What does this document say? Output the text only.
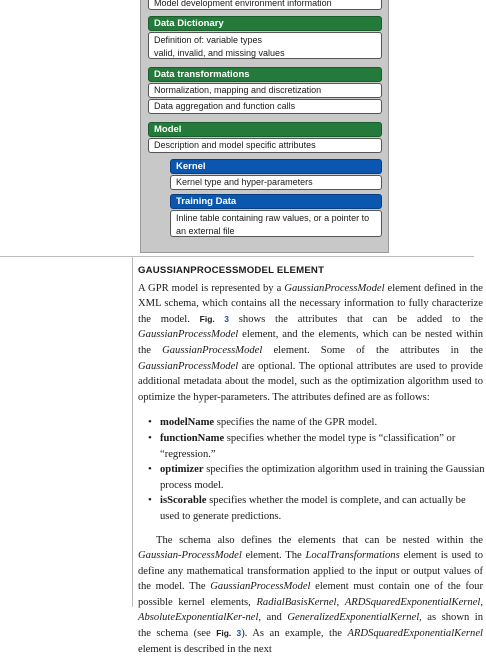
Model development environment information
Data Dictionary
Definition of: variable types
valid, invalid, and missing values
Data transformations
Normalization, mapping and discretization
Data aggregation and function calls
Model
Description and model specific attributes
Kernel
Kernel type and hyper-parameters
Training Data
Inline table containing raw values, or a pointer to
an external file
GAUSSIANPROCESSMODEL ELEMENT

A GPR model is represented by a GaussianProcessModel element defined in the XML schema, which contains all the necessary information to fully characterize the model. Fig. 3 shows the attributes that can be added to the GaussianProcessModel element, and the elements, which can be nested within the GaussianProcessModel element. Some of the attributes in the GaussianProcessModel are optional. The optional attributes are used to provide additional metadata about the model, such as the optimization algorithm used to optimize the hyper-parameters. The attributes defined are as follows:

• modelName specifies the name of the GPR model.
• functionName specifies whether the model type is “classification” or “regression.”
• optimizer specifies the optimization algorithm used in training the Gaussian process model.
• isScorable specifies whether the model is complete, and can actually be used to generate predictions.

The schema also defines the elements that can be nested within the Gaussian-ProcessModel element. The LocalTransformations element is used to define any mathematical transformation applied to the input or output values of the model. The GaussianProcessModel element must contain one of the four possible kernel elements, RadialBasisKernel, ARDSquaredExponentialKernel, AbsoluteExponentialKer-nel, and GeneralizedExponentialKernel, as shown in the schema (see Fig. 3). As an example, the ARDSquaredExponentialKernel element is described in the next
